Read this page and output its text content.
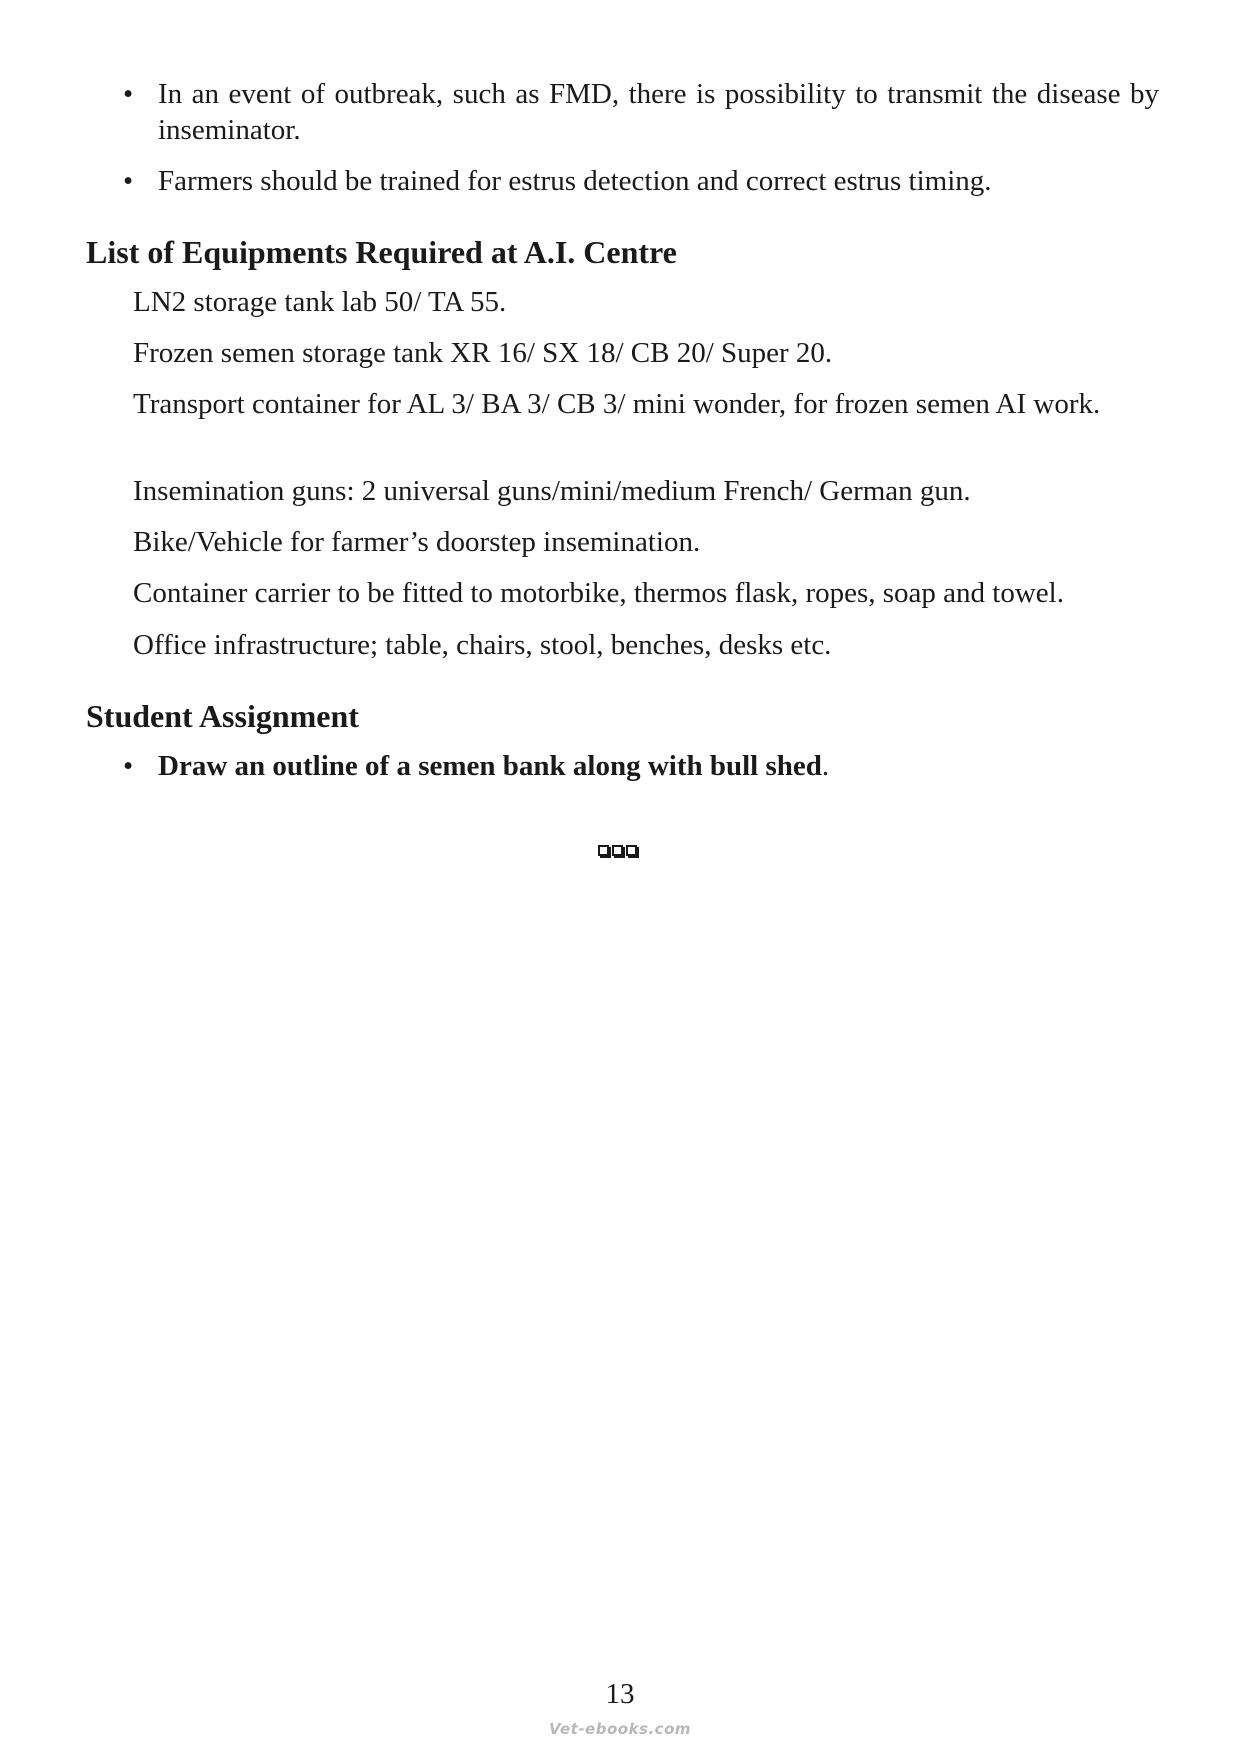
• In an event of outbreak, such as FMD, there is possibility to transmit the disease by inseminator.
• Farmers should be trained for estrus detection and correct estrus timing.
List of Equipments Required at A.I. Centre
LN2 storage tank lab 50/ TA 55.
Frozen semen storage tank XR 16/ SX 18/ CB 20/ Super 20.
Transport container for AL 3/ BA 3/ CB 3/ mini wonder, for frozen semen AI work.
Insemination guns: 2 universal guns/mini/medium French/ German gun.
Bike/Vehicle for farmer’s doorstep insemination.
Container carrier to be fitted to motorbike, thermos flask, ropes, soap and towel.
Office infrastructure; table, chairs, stool, benches, desks etc.
Student Assignment
• Draw an outline of a semen bank along with bull shed.
13
Vet-ebooks.com
